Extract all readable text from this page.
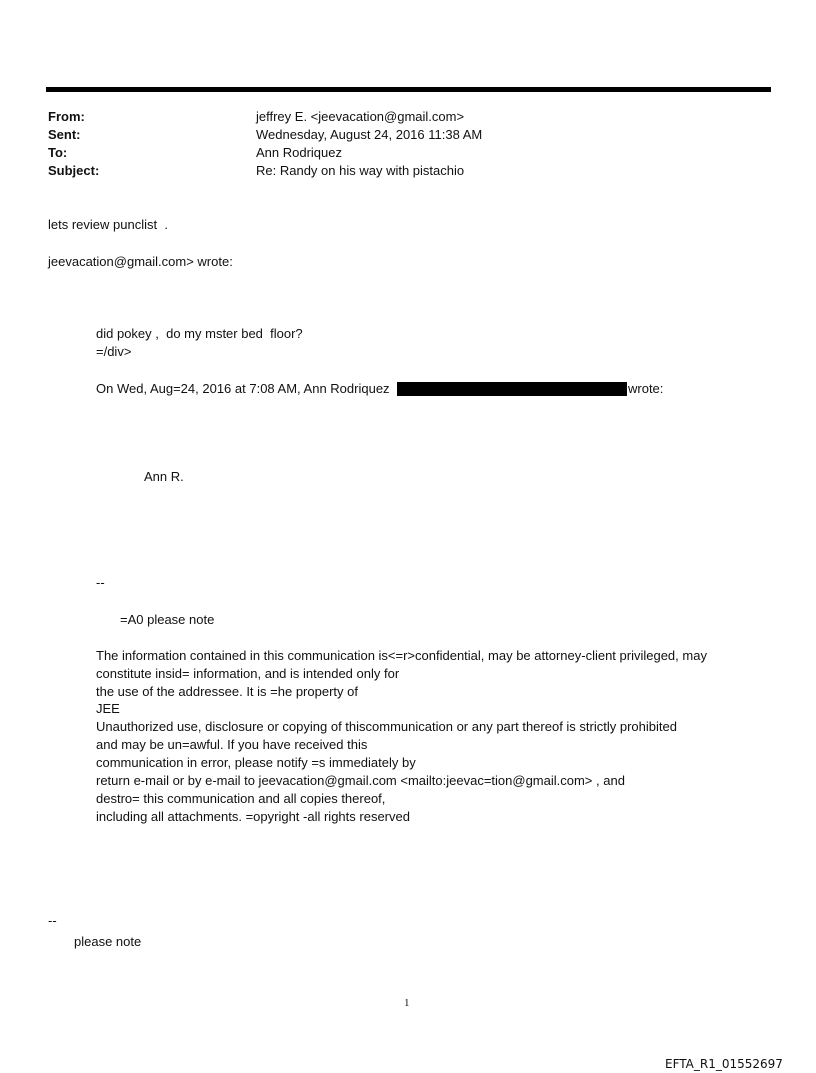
From:	jeffrey E. <jeevacation@gmail.com>
Sent:	Wednesday, August 24, 2016 11:38 AM
To:	Ann Rodriquez
Subject:	Re: Randy on his way with pistachio
lets review punclist  .
jeevacation@gmail.com> wrote:
did pokey ,  do my mster bed  floor?
=/div>
On Wed, Aug=24, 2016 at 7:08 AM, Ann Rodriquez	wrote:
Ann R.
--
=A0 please note
The information contained in this communication is<=r>confidential, may be attorney-client privileged, may
constitute insid= information, and is intended only for
the use of the addressee. It is =he property of
JEE
Unauthorized use, disclosure or copying of thiscommunication or any part thereof is strictly prohibited
and may be un=awful. If you have received this
communication in error, please notify =s immediately by
return e-mail or by e-mail to jeevacation@gmail.com <mailto:jeevac=tion@gmail.com> , and
destro= this communication and all copies thereof,
including all attachments. =opyright -all rights reserved
--
please note
1
EFTA_R1_01552697
